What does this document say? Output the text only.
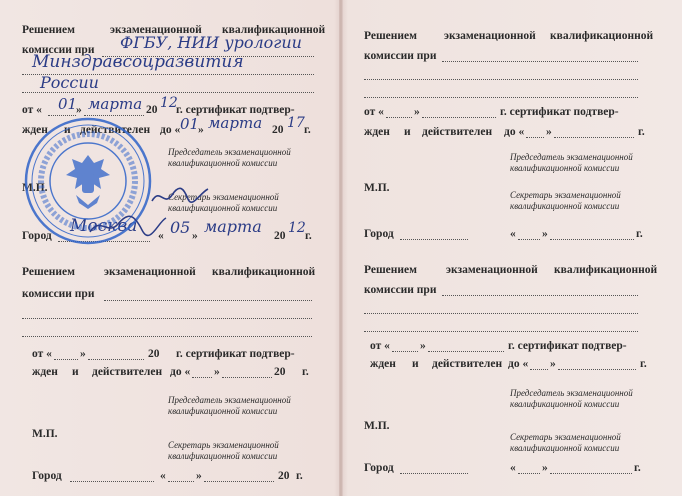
Решением	экзаменационной квалификационной
комиссии при ФГБУ, НИИ урологии
Минздравсоцразвития
России
от « 01
» марта 20 12
г. сертификат подтвер-
жден и действителен до « 01
» марта 20 17 г.
Председатель экзаменационной
квалификационной комиссии
М.П.
Секретарь экзаменационной
квалификационной комиссии
Город Москва « 05 » марта 20 12 г.
Решением	экзаменационной квалификационной
комиссии при
от « »	20 г. сертификат подтвер-
жден и действителен до « »	20 г.
Председатель экзаменационной
квалификационной комиссии
М.П.
Секретарь экзаменационной
квалификационной комиссии
Город	«	»	20 г.
Решением экзаменационной квалификационной
комиссии при
от «	»	г. сертификат подтвер-
жден и действителен до « »	г.
Председатель экзаменационной
квалификационной комиссии
М.П.
Секретарь экзаменационной
квалификационной комиссии
Город	« »	г.
Решением	экзаменационной квалификационной
комиссии при
от «	»	г. сертификат подтвер-
жден и действителен до « »	г.
Председатель экзаменационной
квалификационной комиссии
М.П.
Секретарь экзаменационной
квалификационной комиссии
Город	« »	г.
